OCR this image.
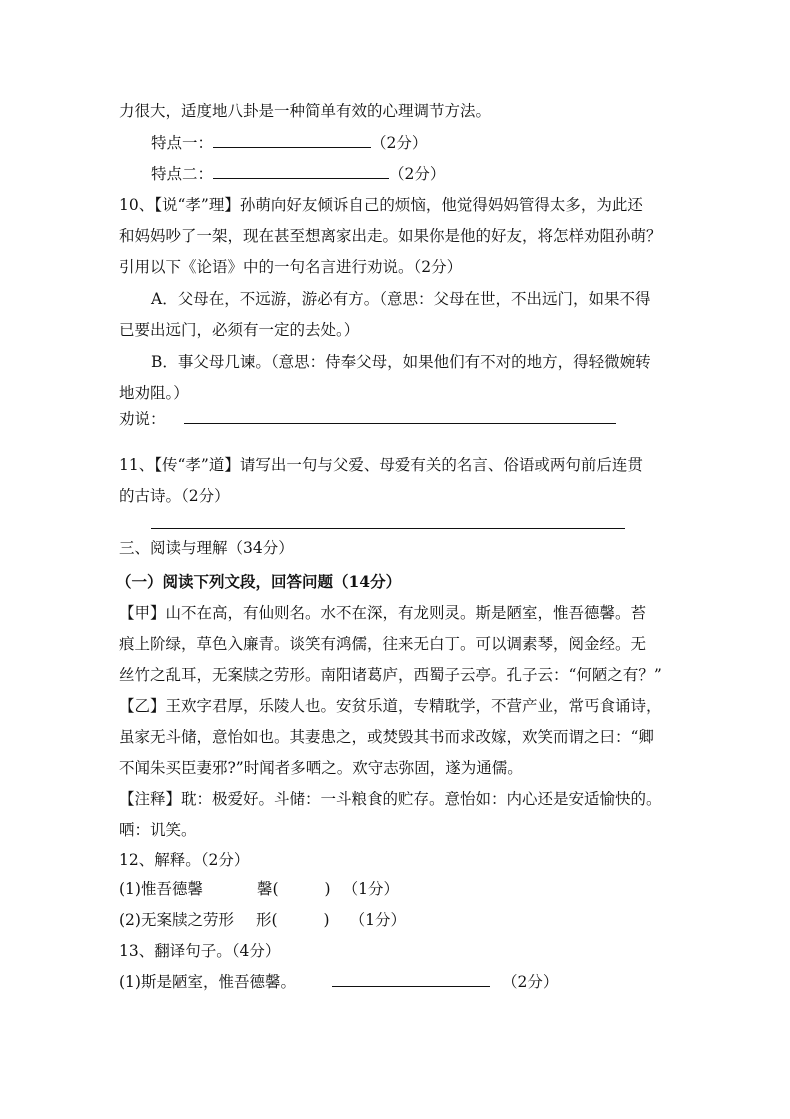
力很大，适度地八卦是一种简单有效的心理调节方法。
特点一：	（2分）
特点二：	（2分）
10、【说“孝”理】孙萌向好友倾诉自己的烦恼，他觉得妈妈管得太多，为此还
和妈妈吵了一架，现在甚至想离家出走。如果你是他的好友，将怎样劝阻孙萌？
引用以下《论语》中的一句名言进行劝说。（2分）
A．父母在，不远游，游必有方。（意思：父母在世，不出远门，如果不得
已要出远门，必须有一定的去处。）
B．事父母几谏。（意思：侍奉父母，如果他们有不对的地方，得轻微婉转
地劝阻。）
劝说：
11、【传“孝”道】请写出一句与父爱、母爱有关的名言、俗语或两句前后连贯
的古诗。（2分）
三、阅读与理解（34分）
（一）阅读下列文段，回答问题（14分）
【甲】山不在高，有仙则名。水不在深，有龙则灵。斯是陋室，惟吾德馨。苔
痕上阶绿，草色入廉青。谈笑有鸿儒，往来无白丁。可以调素琴，阅金经。无
丝竹之乱耳，无案牍之劳形。南阳诸葛庐，西蜀子云亭。孔子云：“何陋之有？”
【乙】王欢字君厚，乐陵人也。安贫乐道，专精耽学，不营产业，常丐食诵诗，
虽家无斗储，意怡如也。其妻患之，或焚毁其书而求改嫁，欢笑而谓之曰：“卿
不闻朱买臣妻邪?”时闻者多哂之。欢守志弥固，遂为通儒。
【注释】耽：极爱好。斗储：一斗粮食的贮存。意怡如：内心还是安适愉快的。
哂：讥笑。
12、解释。（2分）
(1)惟吾德馨	馨(	) （1分）
(2)无案牍之劳形 形(	) （1分）
13、翻译句子。（4分）
(1)斯是陋室，惟吾德馨。	（2分）
